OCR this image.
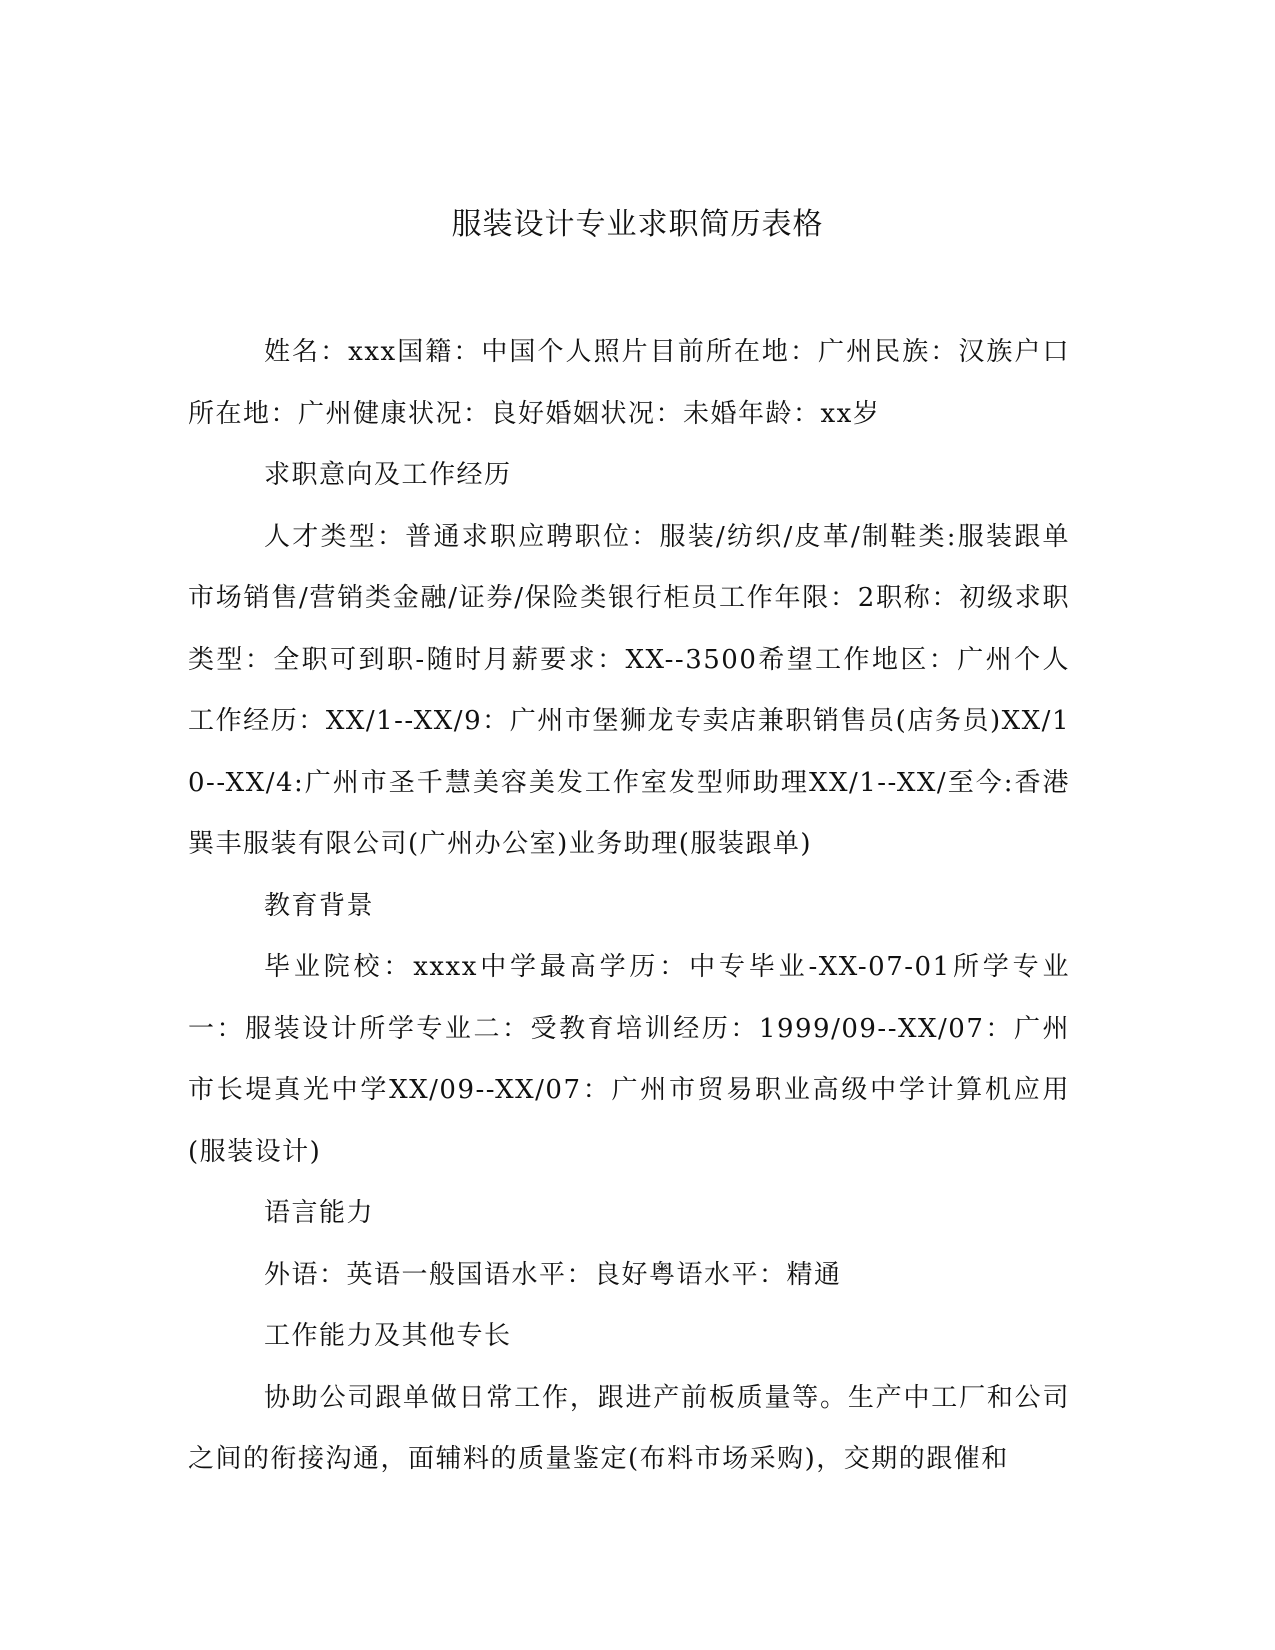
服装设计专业求职简历表格

姓名：xxx国籍：中国个人照片目前所在地：广州民族：汉族户口所在地：广州健康状况：良好婚姻状况：未婚年龄：xx岁

求职意向及工作经历

人才类型：普通求职应聘职位：服装/纺织/皮革/制鞋类:服装跟单市场销售/营销类金融/证券/保险类银行柜员工作年限：2职称：初级求职类型：全职可到职-随时月薪要求：XX--3500希望工作地区：广州个人工作经历：XX/1--XX/9：广州市堡狮龙专卖店兼职销售员(店务员)XX/10--XX/4:广州市圣千慧美容美发工作室发型师助理XX/1--XX/至今:香港巽丰服装有限公司(广州办公室)业务助理(服装跟单)

教育背景

毕业院校：xxxx中学最高学历：中专毕业-XX-07-01所学专业一：服装设计所学专业二：受教育培训经历：1999/09--XX/07：广州市长堤真光中学XX/09--XX/07：广州市贸易职业高级中学计算机应用(服装设计)

语言能力

外语：英语一般国语水平：良好粤语水平：精通

工作能力及其他专长

协助公司跟单做日常工作，跟进产前板质量等。生产中工厂和公司之间的衔接沟通，面辅料的质量鉴定(布料市场采购)，交期的跟催和
